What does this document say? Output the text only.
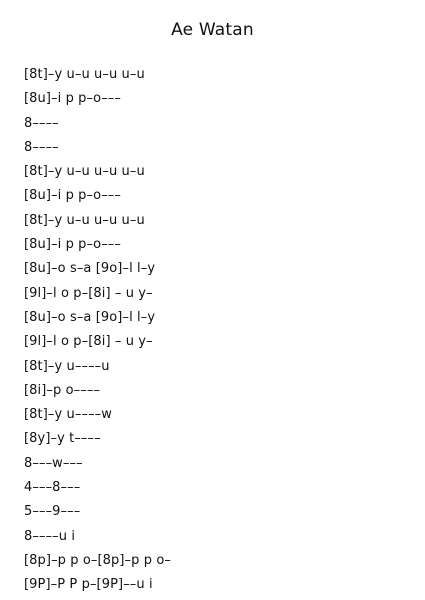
Ae Watan
[8t]–y u–u u–u u–u
[8u]–i p p–o–––
8––––
8––––
[8t]–y u–u u–u u–u
[8u]–i p p–o–––
[8t]–y u–u u–u u–u
[8u]–i p p–o–––
[8u]–o s–a [9o]–l l–y
[9l]–l o p–[8i] – u y–
[8u]–o s–a [9o]–l l–y
[9l]–l o p–[8i] – u y–
[8t]–y u––––u
[8i]–p o––––
[8t]–y u––––w
[8y]–y t––––
8–––w–––
4–––8–––
5–––9–––
8––––u i
[8p]–p p o–[8p]–p p o–
[9P]–P P p–[9P]––u i
